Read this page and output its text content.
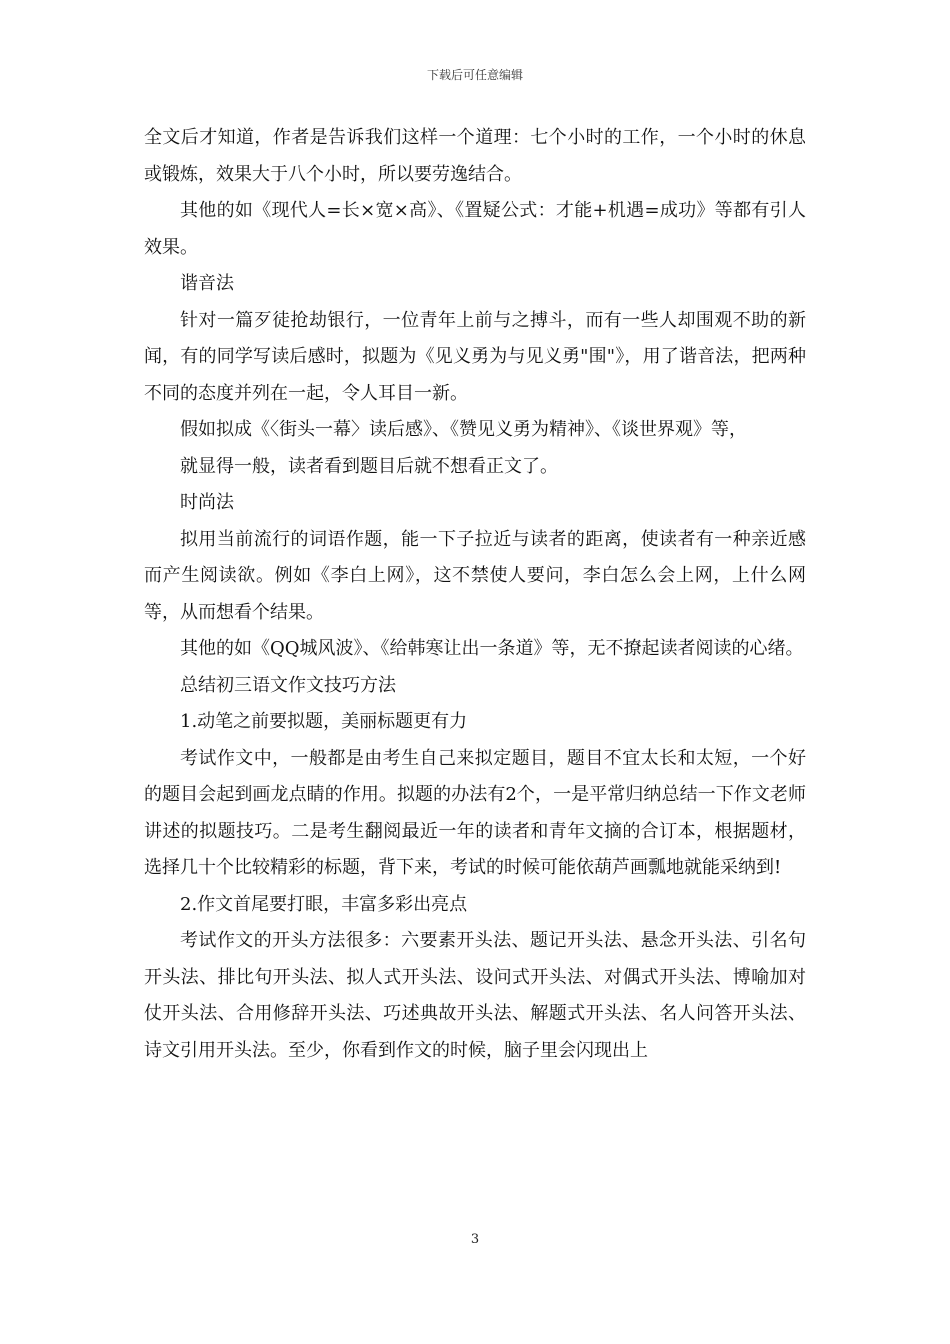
下载后可任意编辑

全文后才知道，作者是告诉我们这样一个道理：七个小时的工作，一个小时的休息或锻炼，效果大于八个小时，所以要劳逸结合。

其他的如《现代人=长×宽×高》、《置疑公式：才能+机遇=成功》等都有引人效果。

谐音法

针对一篇歹徒抢劫银行，一位青年上前与之搏斗，而有一些人却围观不助的新闻，有的同学写读后感时，拟题为《见义勇为与见义勇"围"》，用了谐音法，把两种不同的态度并列在一起，令人耳目一新。

假如拟成《〈街头一幕〉读后感》、《赞见义勇为精神》、《谈世界观》等，

就显得一般，读者看到题目后就不想看正文了。

时尚法

拟用当前流行的词语作题，能一下子拉近与读者的距离，使读者有一种亲近感而产生阅读欲。例如《李白上网》，这不禁使人要问，李白怎么会上网，上什么网等，从而想看个结果。

其他的如《QQ城风波》、《给韩寒让出一条道》等，无不撩起读者阅读的心绪。

总结初三语文作文技巧方法

1.动笔之前要拟题，美丽标题更有力

考试作文中，一般都是由考生自己来拟定题目，题目不宜太长和太短，一个好的题目会起到画龙点睛的作用。拟题的办法有2个，一是平常归纳总结一下作文老师讲述的拟题技巧。二是考生翻阅最近一年的读者和青年文摘的合订本，根据题材，选择几十个比较精彩的标题，背下来，考试的时候可能依葫芦画瓢地就能采纳到!

2.作文首尾要打眼，丰富多彩出亮点

考试作文的开头方法很多：六要素开头法、题记开头法、悬念开头法、引名句开头法、排比句开头法、拟人式开头法、设问式开头法、对偶式开头法、博喻加对仗开头法、合用修辞开头法、巧述典故开头法、解题式开头法、名人问答开头法、诗文引用开头法。至少，你看到作文的时候，脑子里会闪现出上

3
